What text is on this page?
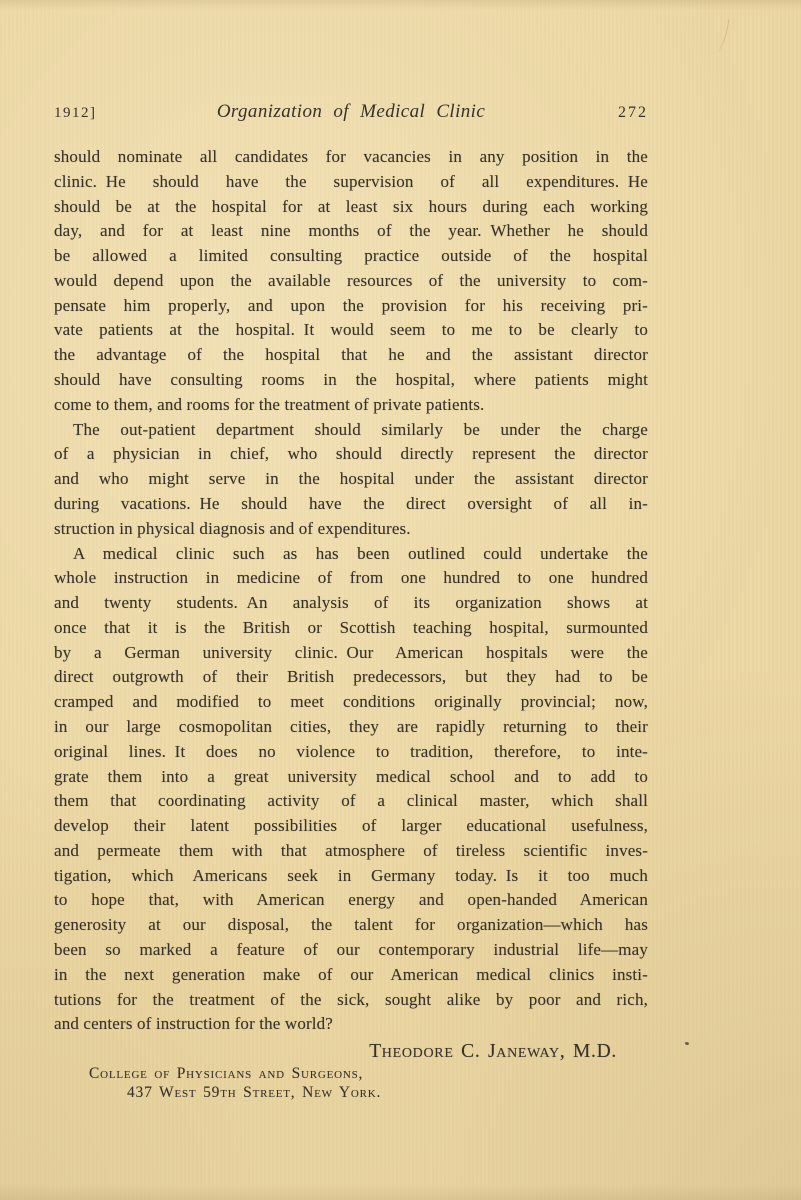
1912]	Organization of Medical Clinic	272
should nominate all candidates for vacancies in any position in the
clinic. He should have the supervision of all expenditures. He
should be at the hospital for at least six hours during each working
day, and for at least nine months of the year. Whether he should
be allowed a limited consulting practice outside of the hospital
would depend upon the available resources of the university to com-
pensate him properly, and upon the provision for his receiving pri-
vate patients at the hospital. It would seem to me to be clearly to
the advantage of the hospital that he and the assistant director
should have consulting rooms in the hospital, where patients might
come to them, and rooms for the treatment of private patients.
The out-patient department should similarly be under the charge
of a physician in chief, who should directly represent the director
and who might serve in the hospital under the assistant director
during vacations. He should have the direct oversight of all in-
struction in physical diagnosis and of expenditures.
A medical clinic such as has been outlined could undertake the
whole instruction in medicine of from one hundred to one hundred
and twenty students. An analysis of its organization shows at
once that it is the British or Scottish teaching hospital, surmounted
by a German university clinic. Our American hospitals were the
direct outgrowth of their British predecessors, but they had to be
cramped and modified to meet conditions originally provincial; now,
in our large cosmopolitan cities, they are rapidly returning to their
original lines. It does no violence to tradition, therefore, to inte-
grate them into a great university medical school and to add to
them that coordinating activity of a clinical master, which shall
develop their latent possibilities of larger educational usefulness,
and permeate them with that atmosphere of tireless scientific inves-
tigation, which Americans seek in Germany today. Is it too much
to hope that, with American energy and open-handed American
generosity at our disposal, the talent for organization—which has
been so marked a feature of our contemporary industrial life—may
in the next generation make of our American medical clinics insti-
tutions for the treatment of the sick, sought alike by poor and rich,
and centers of instruction for the world?
Theodore C. Janeway, M.D.
College of Physicians and Surgeons,
437 West 59th Street, New York.
